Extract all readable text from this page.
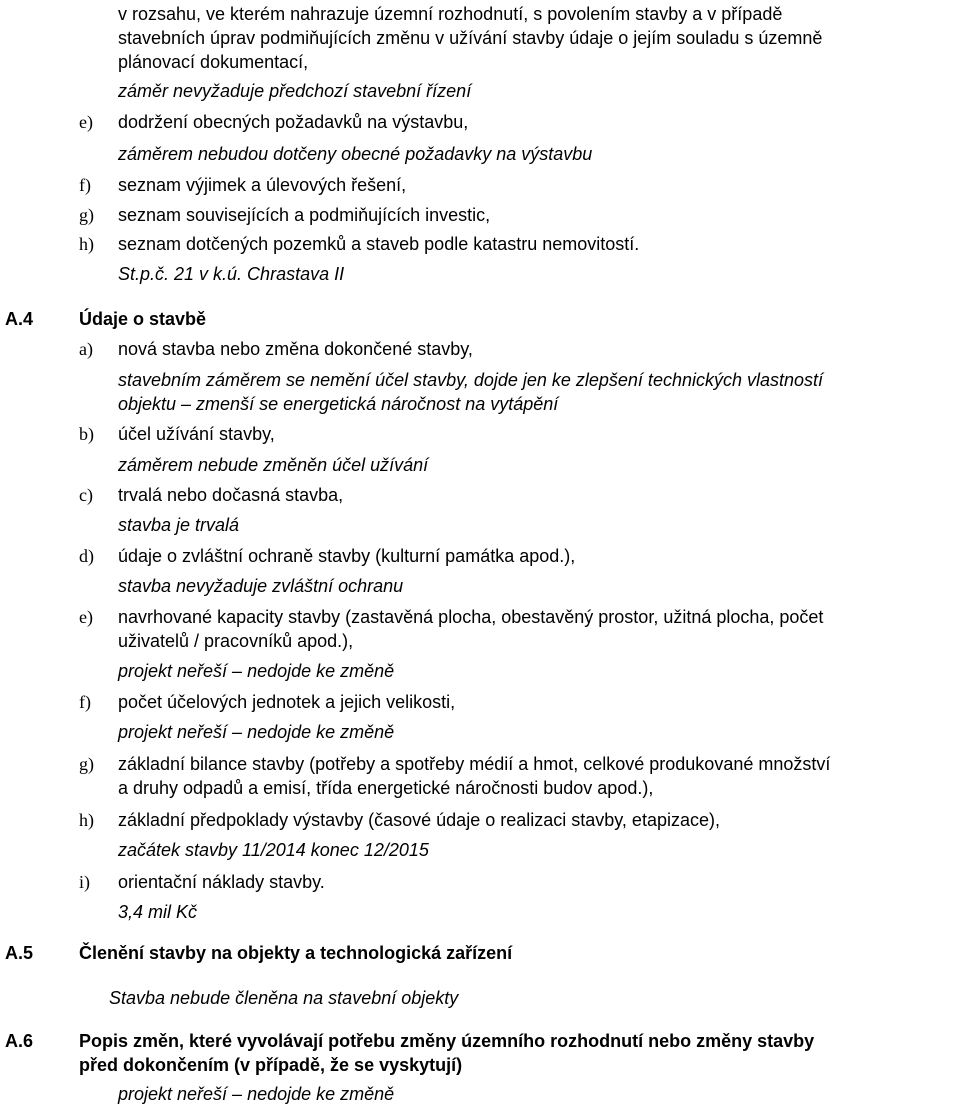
v rozsahu, ve kterém nahrazuje územní rozhodnutí, s povolením stavby a v případě
stavebních úprav podmiňujících změnu v užívání stavby údaje o jejím souladu s územně
plánovací dokumentací,
záměr nevyžaduje předchozí stavební řízení
e) dodržení obecných požadavků na výstavbu,
záměrem nebudou dotčeny obecné požadavky na výstavbu
f) seznam výjimek a úlevových řešení,
g) seznam souvisejících a podmiňujících investic,
h) seznam dotčených pozemků a staveb podle katastru nemovitostí.
St.p.č. 21 v k.ú. Chrastava II
A.4	Údaje o stavbě
a) nová stavba nebo změna dokončené stavby,
stavebním záměrem se nemění účel stavby, dojde jen ke zlepšení technických vlastností
objektu – zmenší se energetická náročnost na vytápění
b) účel užívání stavby,
záměrem nebude změněn účel užívání
c) trvalá nebo dočasná stavba,
stavba je trvalá
d) údaje o zvláštní ochraně stavby (kulturní památka apod.),
stavba nevyžaduje zvláštní ochranu
e) navrhované kapacity stavby (zastavěná plocha, obestavěný prostor, užitná plocha, počet
uživatelů / pracovníků apod.),
projekt neřeší – nedojde ke změně
f) počet účelových jednotek a jejich velikosti,
projekt neřeší – nedojde ke změně
g) základní bilance stavby (potřeby a spotřeby médií a hmot, celkové produkované množství
a druhy odpadů a emisí, třída energetické náročnosti budov apod.),
h) základní předpoklady výstavby (časové údaje o realizaci stavby, etapizace),
začátek stavby 11/2014 konec 12/2015
i) orientační náklady stavby.
3,4 mil Kč
A.5	Členění stavby na objekty a technologická zařízení
Stavba nebude členěna na stavební objekty
A.6	Popis změn, které vyvolávají potřebu změny územního rozhodnutí nebo změny stavby
před dokončením (v případě, že se vyskytují)
projekt neřeší – nedojde ke změně
